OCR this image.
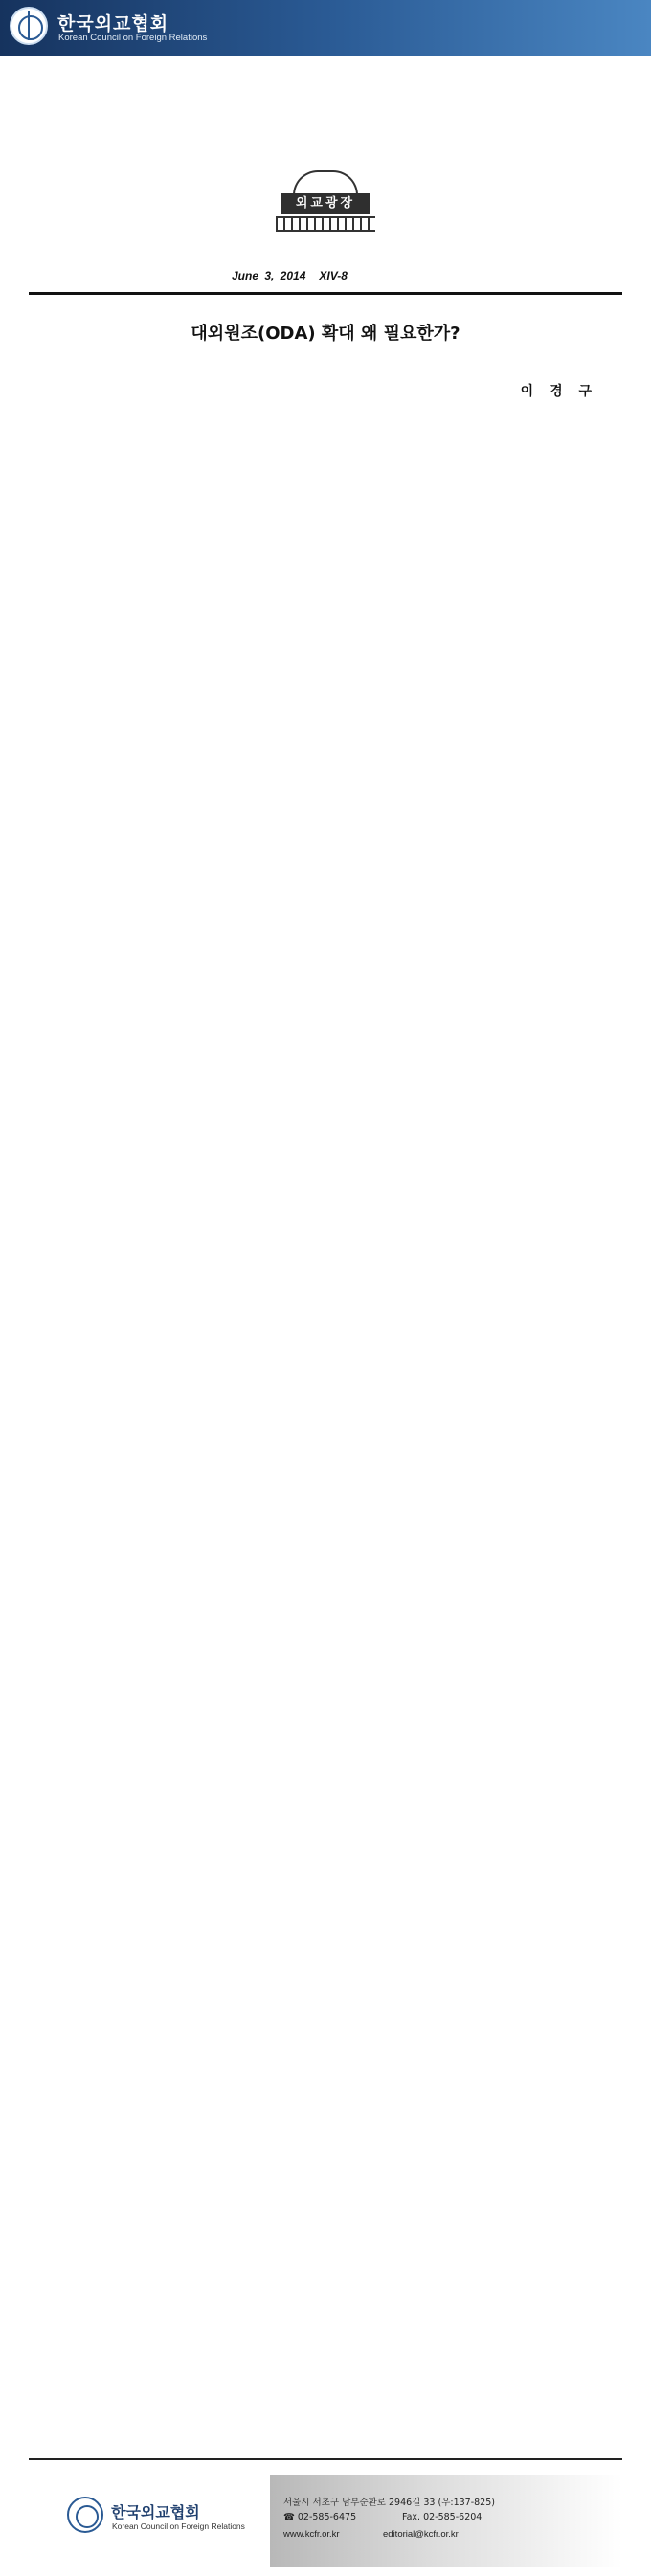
한국외교협회
Korean Council on Foreign Relations
외교광장
June 3, 2014 XIV-8
대외원조(ODA) 확대 왜 필요한가?
이 경 구
한국외교협회
Korean Council on Foreign Relations
서울시 서초구 남부순환로 2946길 33 (우:137-825)
☎ 02-585-6475	Fax. 02-585-6204
www.kcfr.or.kr	editorial@kcfr.or.kr
